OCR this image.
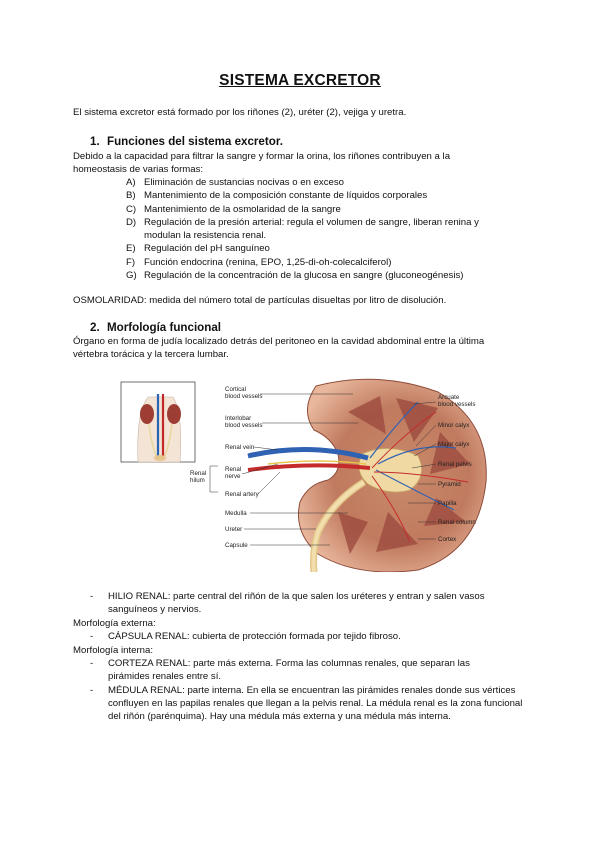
SISTEMA EXCRETOR
El sistema excretor está formado por los riñones (2), uréter (2), vejiga y uretra.
1. Funciones del sistema excretor.
Debido a la capacidad para filtrar la sangre y formar la orina, los riñones contribuyen a la
homeostasis de varias formas:
A) Eliminación de sustancias nocivas o en exceso
B) Mantenimiento de la composición constante de líquidos corporales
C) Mantenimiento de la osmolaridad de la sangre
D) Regulación de la presión arterial: regula el volumen de sangre, liberan renina y modulan la resistencia renal.
E) Regulación del pH sanguíneo
F) Función endocrina (renina, EPO, 1,25-di-oh-colecalciferol)
G) Regulación de la concentración de la glucosa en sangre (gluconeogénesis)
OSMOLARIDAD: medida del número total de partículas disueltas por litro de disolución.
2. Morfología funcional
Órgano en forma de judía localizado detrás del peritoneo en la cavidad abdominal entre la última
vértebra torácica y la tercera lumbar.
Cortical
blood vessels
Interlobar
blood vessels
Renal vein
Renal
hilum
Renal
nerve
Renal artery
Medulla
Ureter
Capsule
Arcuate
blood vessels
Minor calyx
Major calyx
Renal pelvis
Pyramid
Papilla
Renal column
Cortex
-	HILIO RENAL: parte central del riñón de la que salen los uréteres y entran y salen vasos
sanguíneos y nervios.
Morfología externa:
-	CÁPSULA RENAL: cubierta de protección formada por tejido fibroso.
Morfología interna:
-	CORTEZA RENAL: parte más externa. Forma las columnas renales, que separan las pirámides renales entre sí.
-	MÉDULA RENAL: parte interna. En ella se encuentran las pirámides renales donde sus vértices confluyen en las papilas renales que llegan a la pelvis renal. La médula renal es la zona funcional del riñón (parénquima). Hay una médula más externa y una médula más interna.
